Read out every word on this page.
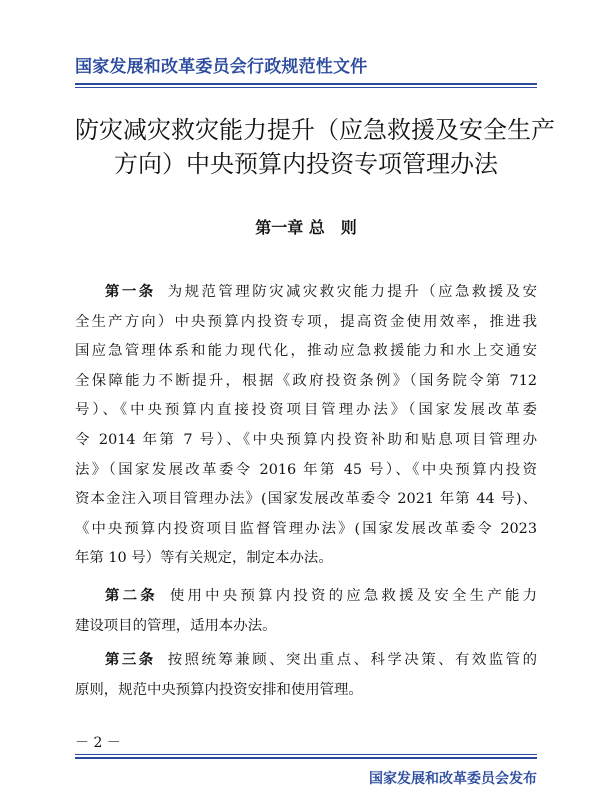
国家发展和改革委员会行政规范性文件
防灾减灾救灾能力提升（应急救援及安全生产
方向）中央预算内投资专项管理办法
第一章 总　则
第一条 为规范管理防灾减灾救灾能力提升（应急救援及安
全生产方向）中央预算内投资专项，提高资金使用效率，推进我
国应急管理体系和能力现代化，推动应急救援能力和水上交通安
全保障能力不断提升，根据《政府投资条例》（国务院令第 712
号）、《中央预算内直接投资项目管理办法》（国家发展改革委
令 2014 年第 7 号）、《中央预算内投资补助和贴息项目管理办
法》（国家发展改革委令 2016 年第 45 号）、《中央预算内投资
资本金注入项目管理办法》(国家发展改革委令 2021 年第 44 号)、
《中央预算内投资项目监督管理办法》(国家发展改革委令 2023
年第 10 号）等有关规定，制定本办法。
第二条 使用中央预算内投资的应急救援及安全生产能力
建设项目的管理，适用本办法。
第三条 按照统筹兼顾、突出重点、科学决策、有效监管的
原则，规范中央预算内投资安排和使用管理。
－ 2 －
国家发展和改革委员会发布
